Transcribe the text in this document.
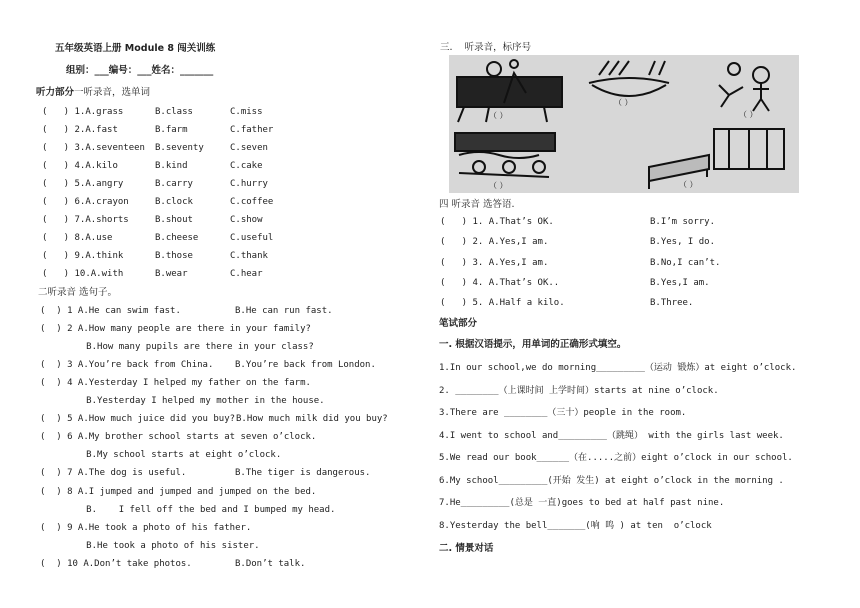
五年级英语上册 Module 8 闯关训练
组别：___编号：___姓名：_______
听力部分一听录音，选单词
(   ) 1.A.grass	B.class	C.miss
(   ) 2.A.fast	B.farm	C.father
(   ) 3.A.seventeen B.seventy	C.seven
(   ) 4.A.kilo	B.kind	C.cake
(   ) 5.A.angry	B.carry	C.hurry
(   ) 6.A.crayon	B.clock	C.coffee
(   ) 7.A.shorts	B.shout	C.show
(   ) 8.A.use	B.cheese	C.useful
(   ) 9.A.think	B.those	C.thank
(   ) 10.A.with	B.wear	C.hear
二听录音 选句子。
(  ) 1 A.He can swim fast.	B.He can run fast.
(  ) 2 A.How many people are there in your family?
B.How many pupils are there in your class?
(  ) 3 A.You’re back from China. B.You’re back from London.
(  ) 4 A.Yesterday I helped my father on the farm.
B.Yesterday I helped my mother in the house.
(  ) 5 A.How much juice did you buy? B.How much milk did you buy?
(  ) 6 A.My brother school starts at seven o’clock.
B.My school starts at eight o’clock.
(  ) 7 A.The dog is useful.	B.The tiger is dangerous.
(  ) 8 A.I jumped and jumped and jumped on the bed.
B.    I fell off the bed and I bumped my head.
(  ) 9 A.He took a photo of his father.
B.He took a photo of his sister.
(  ) 10 A.Don’t take photos.	B.Don’t talk.
三.    听录音，标序号
（ ）
（ ）
（ ）
（ ）	（ ）
四 听录音 选答语.
(   ) 1. A.That’s OK.	B.I’m sorry.
(   ) 2. A.Yes,I am.	B.Yes, I do.
(   ) 3. A.Yes,I am.	B.No,I can’t.
(   ) 4. A.That’s OK..	B.Yes,I am.
(   ) 5. A.Half a kilo.	B.Three.
笔试部分
一. 根据汉语提示，用单词的正确形式填空。
1.In our school,we do morning_________（运动 锻炼）at eight o’clock.
2. ________（上课时间 上学时间）starts at nine o’clock.
3.There are ________（三十）people in the room.
4.I went to school and_________（跳绳） with the girls last week.
5.We read our book______（在.....之前）eight o’clock in our school.
6.My school_________(开始 发生) at eight o’clock in the morning .
7.He_________(总是 一直)goes to bed at half past nine.
8.Yesterday the bell_______(响 鸣 ) at ten  o’clock
二. 情景对话
